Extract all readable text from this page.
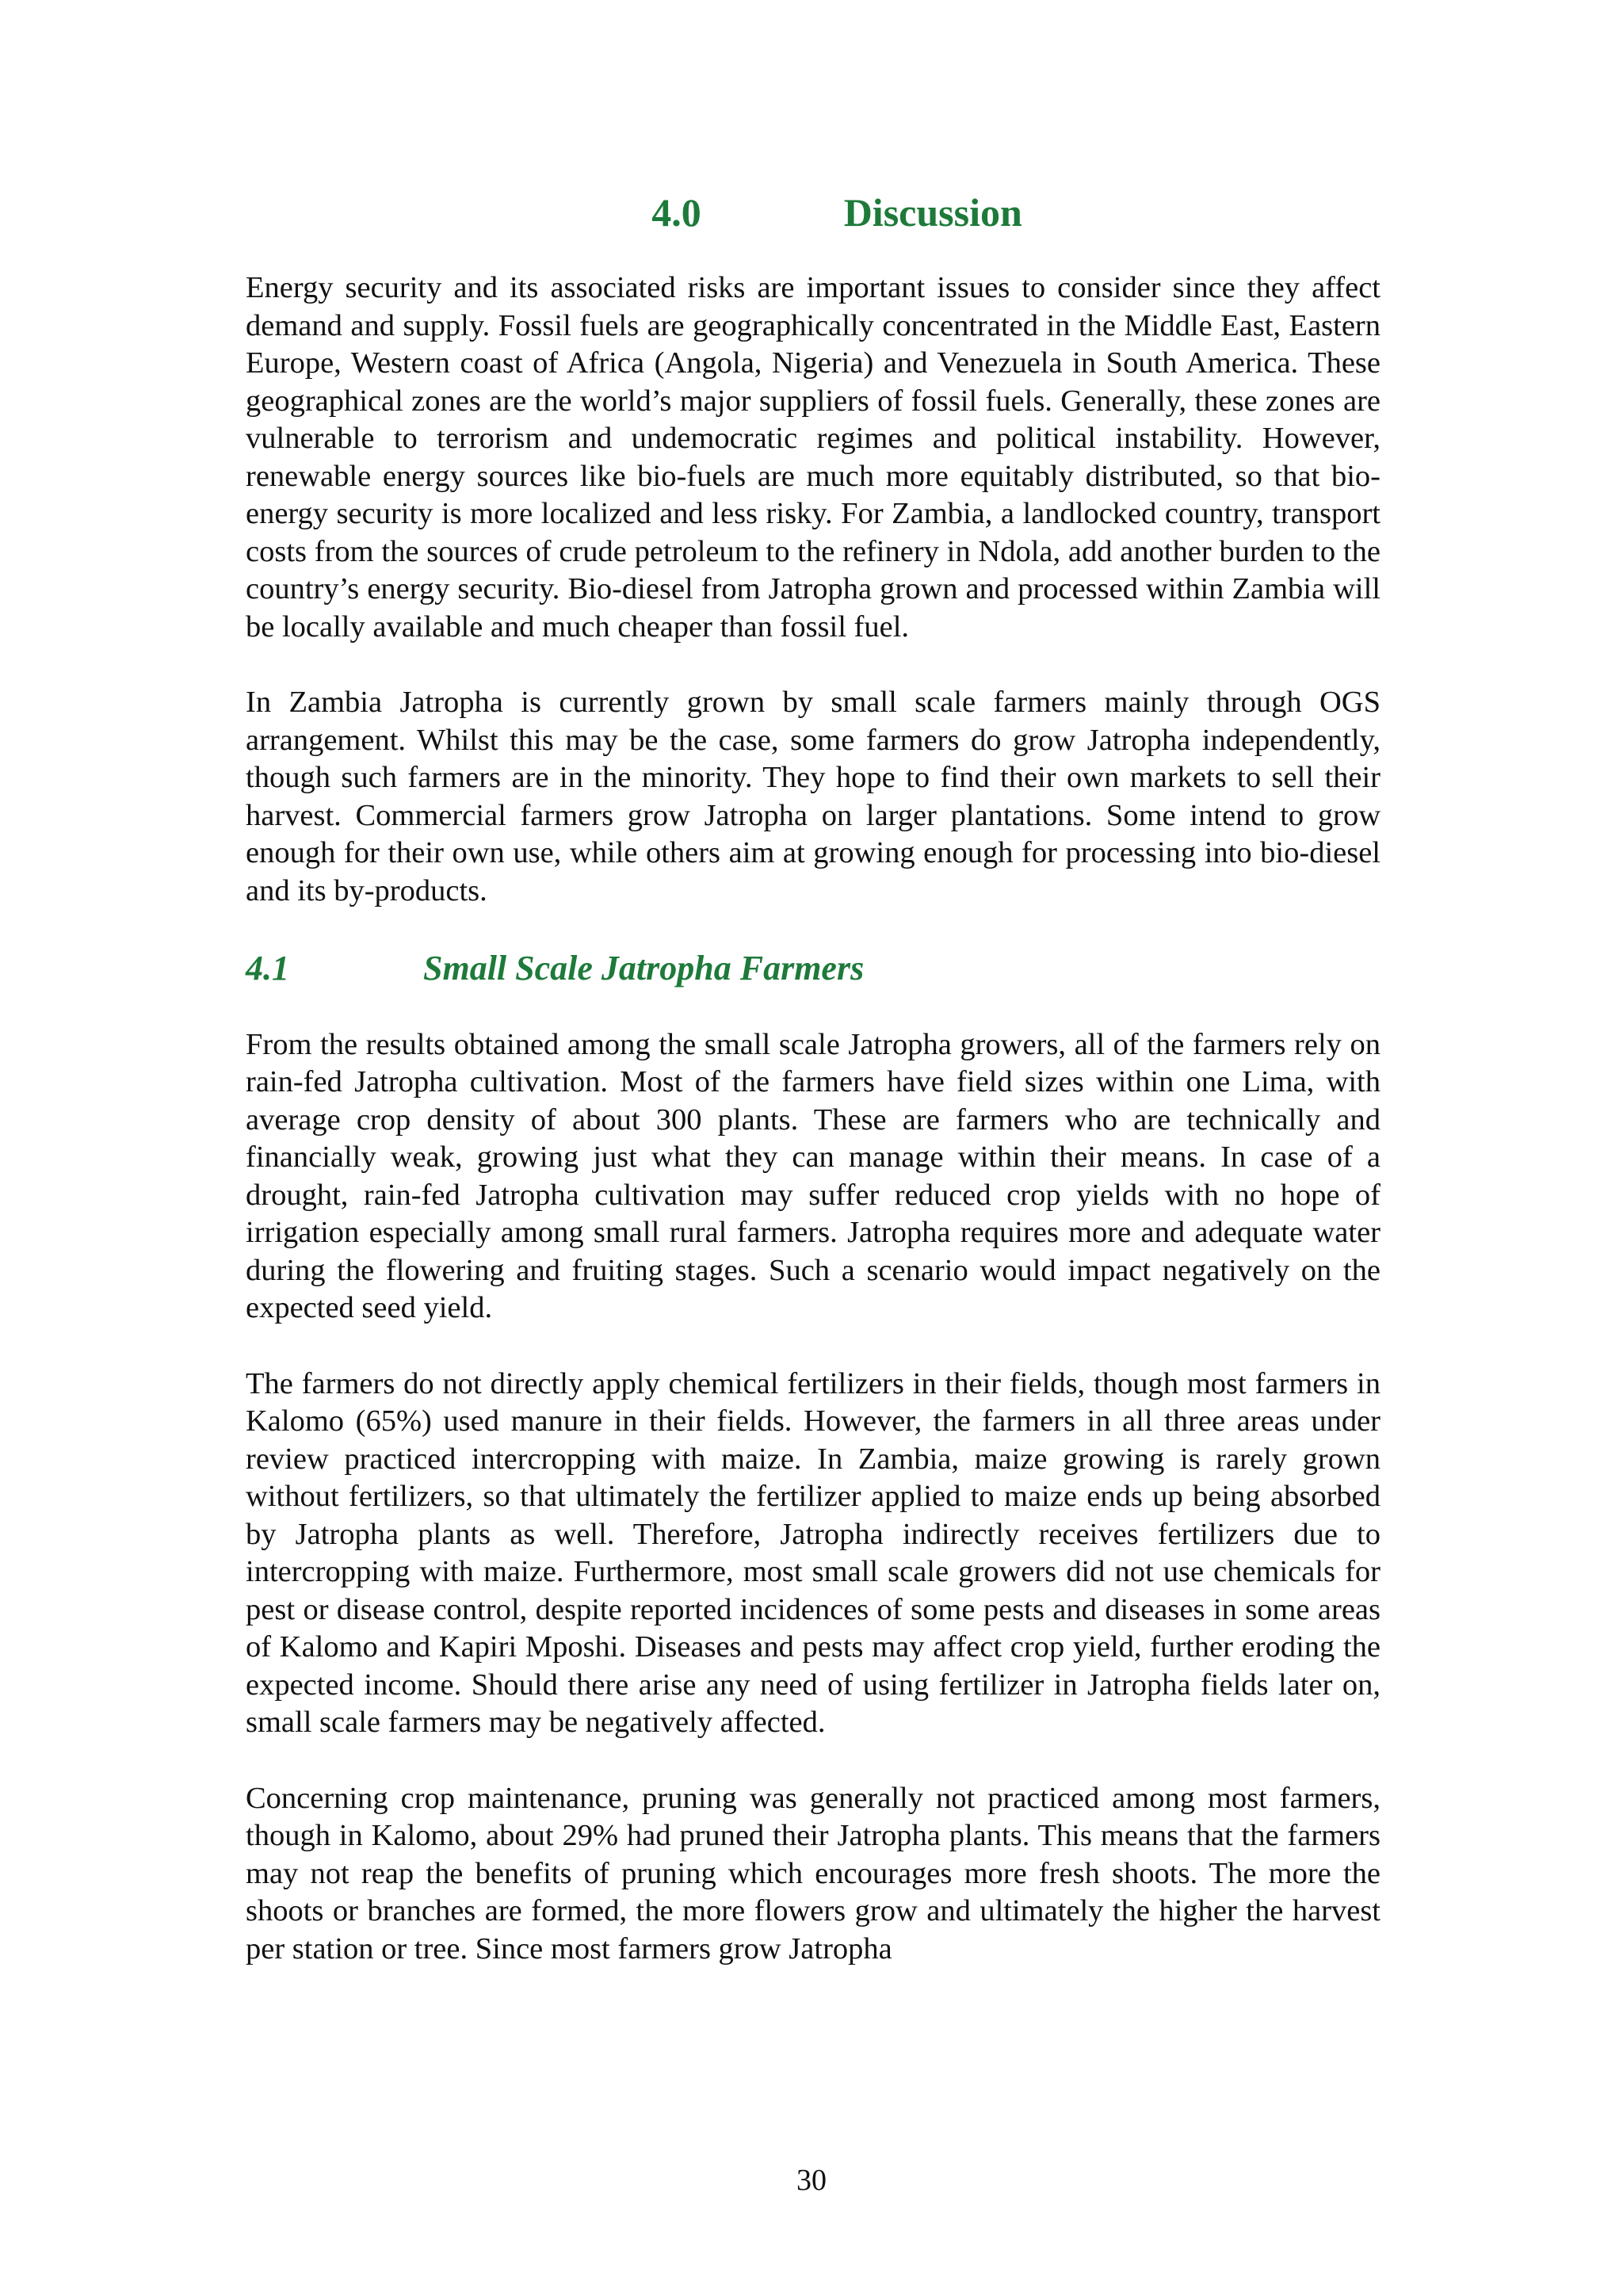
4.0	Discussion

Energy security and its associated risks are important issues to consider since they affect demand and supply. Fossil fuels are geographically concentrated in the Middle East, Eastern Europe, Western coast of Africa (Angola, Nigeria) and Venezuela in South America. These geographical zones are the world’s major suppliers of fossil fuels. Generally, these zones are vulnerable to terrorism and undemocratic regimes and political instability. However, renewable energy sources like bio-fuels are much more equitably distributed, so that bio-energy security is more localized and less risky. For Zambia, a landlocked country, transport costs from the sources of crude petroleum to the refinery in Ndola, add another burden to the country’s energy security. Bio-diesel from Jatropha grown and processed within Zambia will be locally available and much cheaper than fossil fuel.

In Zambia Jatropha is currently grown by small scale farmers mainly through OGS arrangement. Whilst this may be the case, some farmers do grow Jatropha independently, though such farmers are in the minority. They hope to find their own markets to sell their harvest. Commercial farmers grow Jatropha on larger plantations. Some intend to grow enough for their own use, while others aim at growing enough for processing into bio-diesel and its by-products.

4.1	Small Scale Jatropha Farmers

From the results obtained among the small scale Jatropha growers, all of the farmers rely on rain-fed Jatropha cultivation. Most of the farmers have field sizes within one Lima, with average crop density of about 300 plants. These are farmers who are technically and financially weak, growing just what they can manage within their means. In case of a drought, rain-fed Jatropha cultivation may suffer reduced crop yields with no hope of irrigation especially among small rural farmers. Jatropha requires more and adequate water during the flowering and fruiting stages. Such a scenario would impact negatively on the expected seed yield.

The farmers do not directly apply chemical fertilizers in their fields, though most farmers in Kalomo (65%) used manure in their fields. However, the farmers in all three areas under review practiced intercropping with maize. In Zambia, maize growing is rarely grown without fertilizers, so that ultimately the fertilizer applied to maize ends up being absorbed by Jatropha plants as well. Therefore, Jatropha indirectly receives fertilizers due to intercropping with maize. Furthermore, most small scale growers did not use chemicals for pest or disease control, despite reported incidences of some pests and diseases in some areas of Kalomo and Kapiri Mposhi. Diseases and pests may affect crop yield, further eroding the expected income. Should there arise any need of using fertilizer in Jatropha fields later on, small scale farmers may be negatively affected.

Concerning crop maintenance, pruning was generally not practiced among most farmers, though in Kalomo, about 29% had pruned their Jatropha plants. This means that the farmers may not reap the benefits of pruning which encourages more fresh shoots. The more the shoots or branches are formed, the more flowers grow and ultimately the higher the harvest per station or tree. Since most farmers grow Jatropha

30
